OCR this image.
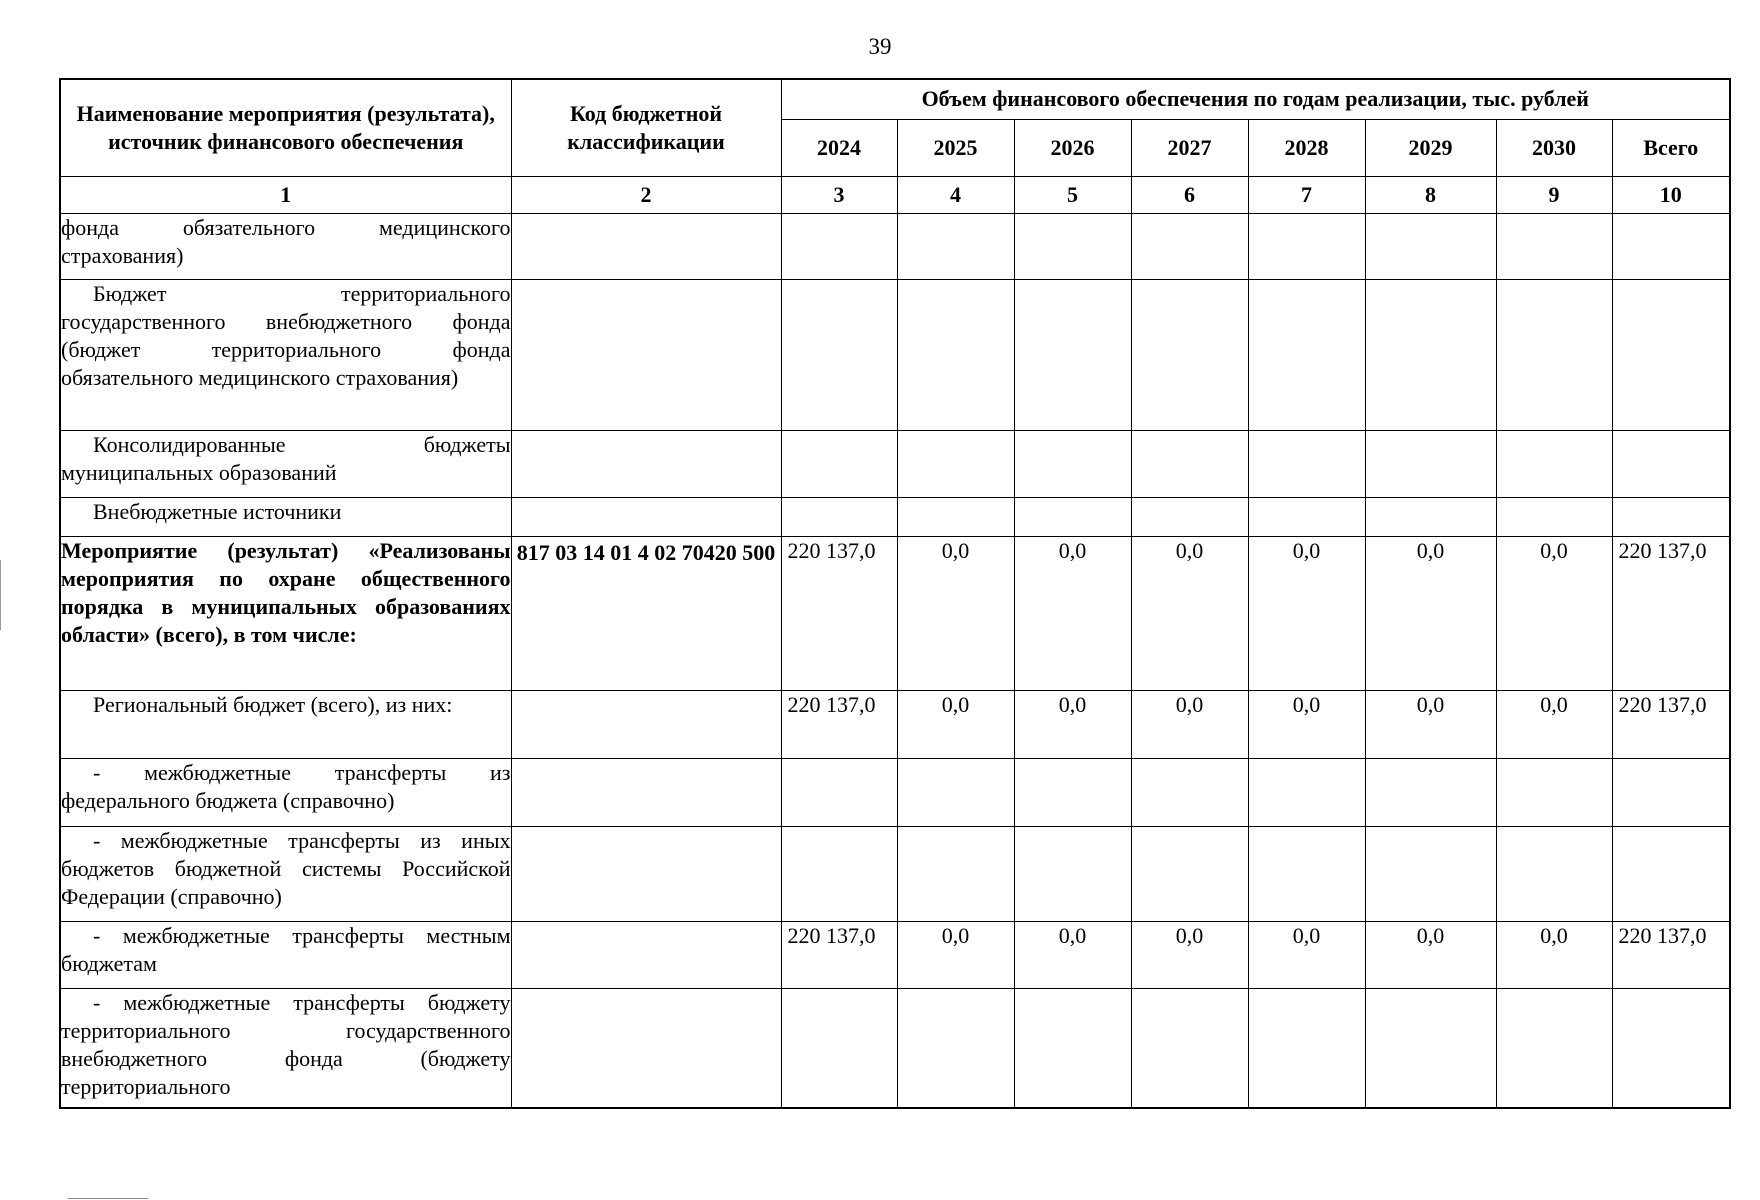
39
Наименование мероприятия (результата), источник финансового обеспечения	Код бюджетной классификации	Объем финансового обеспечения по годам реализации, тыс. рублей							
		2024	2025	2026	2027	2028	2029	2030	Всего
1	2	3	4	5	6	7	8	9	10
фонда обязательного медицинского страхования)									
Бюджет территориального государственного внебюджетного фонда (бюджет территориального фонда обязательного медицинского страхования)									
Консолидированные бюджеты муниципальных образований									
Внебюджетные источники									
Мероприятие (результат) «Реализованы мероприятия по охране общественного порядка в муниципальных образованиях области» (всего), в том числе:	817 03 14 01 4 02 70420 500	220 137,0	0,0	0,0	0,0	0,0	0,0	0,0	220 137,0
Региональный бюджет (всего), из них:		220 137,0	0,0	0,0	0,0	0,0	0,0	0,0	220 137,0
- межбюджетные трансферты из федерального бюджета (справочно)									
- межбюджетные трансферты из иных бюджетов бюджетной системы Российской Федерации (справочно)									
- межбюджетные трансферты местным бюджетам		220 137,0	0,0	0,0	0,0	0,0	0,0	0,0	220 137,0
- межбюджетные трансферты бюджету территориального государственного внебюджетного фонда (бюджету территориального									
